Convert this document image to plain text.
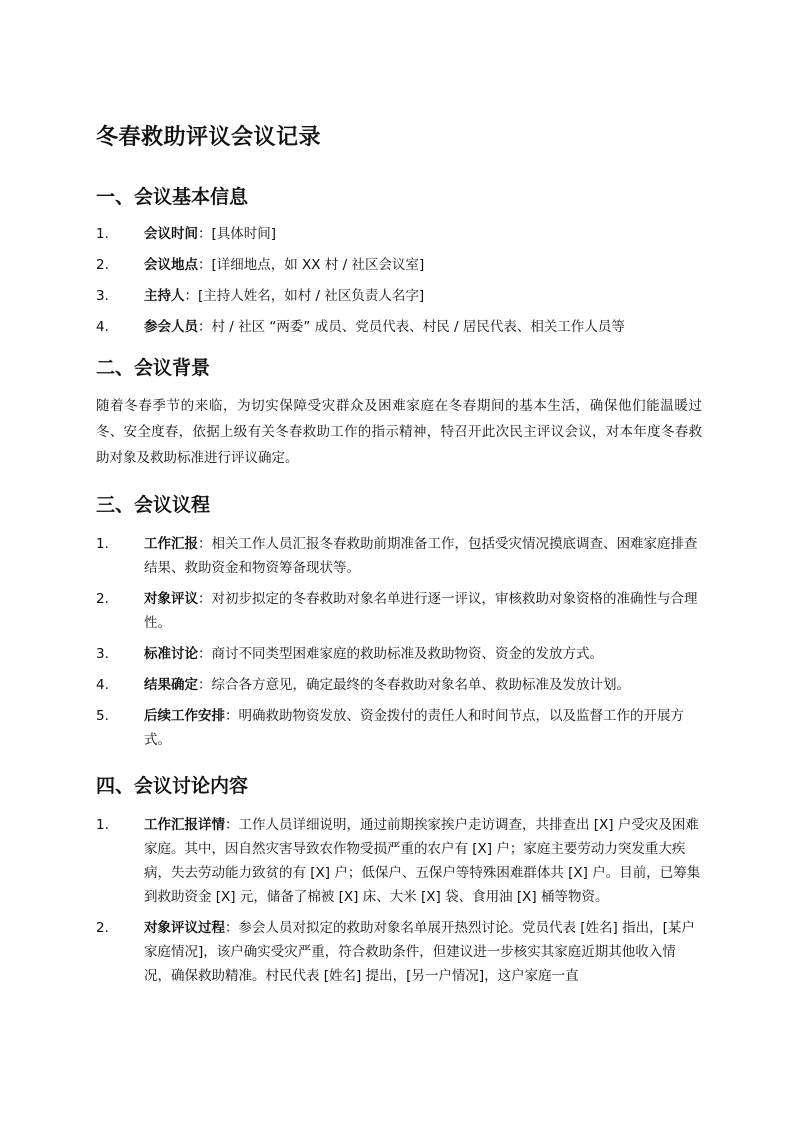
冬春救助评议会议记录
一、会议基本信息
1.	会议时间：[具体时间]
2.	会议地点：[详细地点，如 XX 村 / 社区会议室]
3.	主持人：[主持人姓名，如村 / 社区负责人名字]
4.	参会人员：村 / 社区 “两委” 成员、党员代表、村民 / 居民代表、相关工作人员等
二、会议背景

随着冬春季节的来临，为切实保障受灾群众及困难家庭在冬春期间的基本生活，确保他们能温暖过冬、安全度春，依据上级有关冬春救助工作的指示精神，特召开此次民主评议会议，对本年度冬春救助对象及救助标准进行评议确定。

三、会议议程
1.	工作汇报：相关工作人员汇报冬春救助前期准备工作，包括受灾情况摸底调查、困难家庭排查结果、救助资金和物资筹备现状等。
2.	对象评议：对初步拟定的冬春救助对象名单进行逐一评议，审核救助对象资格的准确性与合理性。
3.	标准讨论：商讨不同类型困难家庭的救助标准及救助物资、资金的发放方式。
4.	结果确定：综合各方意见，确定最终的冬春救助对象名单、救助标准及发放计划。
5.	后续工作安排：明确救助物资发放、资金拨付的责任人和时间节点，以及监督工作的开展方式。
四、会议讨论内容
1.	工作汇报详情：工作人员详细说明，通过前期挨家挨户走访调查，共排查出 [X] 户受灾及困难家庭。其中，因自然灾害导致农作物受损严重的农户有 [X] 户；家庭主要劳动力突发重大疾病，失去劳动能力致贫的有 [X] 户；低保户、五保户等特殊困难群体共 [X] 户。目前，已筹集到救助资金 [X] 元，储备了棉被 [X] 床、大米 [X] 袋、食用油 [X] 桶等物资。
2.	对象评议过程：参会人员对拟定的救助对象名单展开热烈讨论。党员代表 [姓名] 指出，[某户家庭情况]，该户确实受灾严重，符合救助条件，但建议进一步核实其家庭近期其他收入情况，确保救助精准。村民代表 [姓名] 提出，[另一户情况]，这户家庭一直
